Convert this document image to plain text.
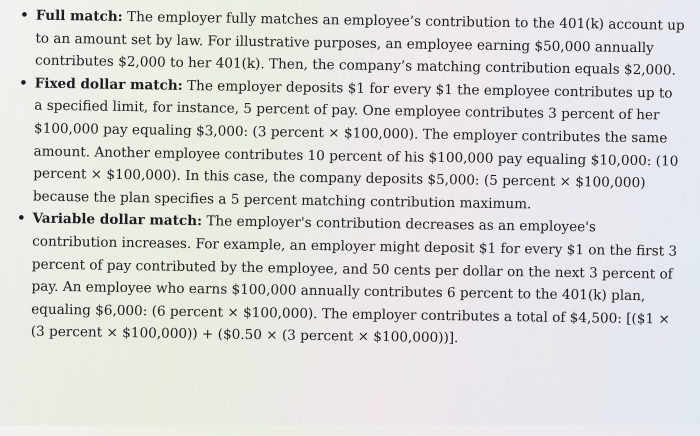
• Full match: The employer fully matches an employee’s contribution to the 401(k) account up to an amount set by law. For illustrative purposes, an employee earning $50,000 annually contributes $2,000 to her 401(k). Then, the company’s matching contribution equals $2,000.
• Fixed dollar match: The employer deposits $1 for every $1 the employee contributes up to a specified limit, for instance, 5 percent of pay. One employee contributes 3 percent of her $100,000 pay equaling $3,000: (3 percent × $100,000). The employer contributes the same amount. Another employee contributes 10 percent of his $100,000 pay equaling $10,000: (10 percent × $100,000). In this case, the company deposits $5,000: (5 percent × $100,000) because the plan specifies a 5 percent matching contribution maximum.
• Variable dollar match: The employer's contribution decreases as an employee's contribution increases. For example, an employer might deposit $1 for every $1 on the first 3 percent of pay contributed by the employee, and 50 cents per dollar on the next 3 percent of pay. An employee who earns $100,000 annually contributes 6 percent to the 401(k) plan, equaling $6,000: (6 percent × $100,000). The employer contributes a total of $4,500: [($1 × (3 percent × $100,000)) + ($0.50 × (3 percent × $100,000))].
